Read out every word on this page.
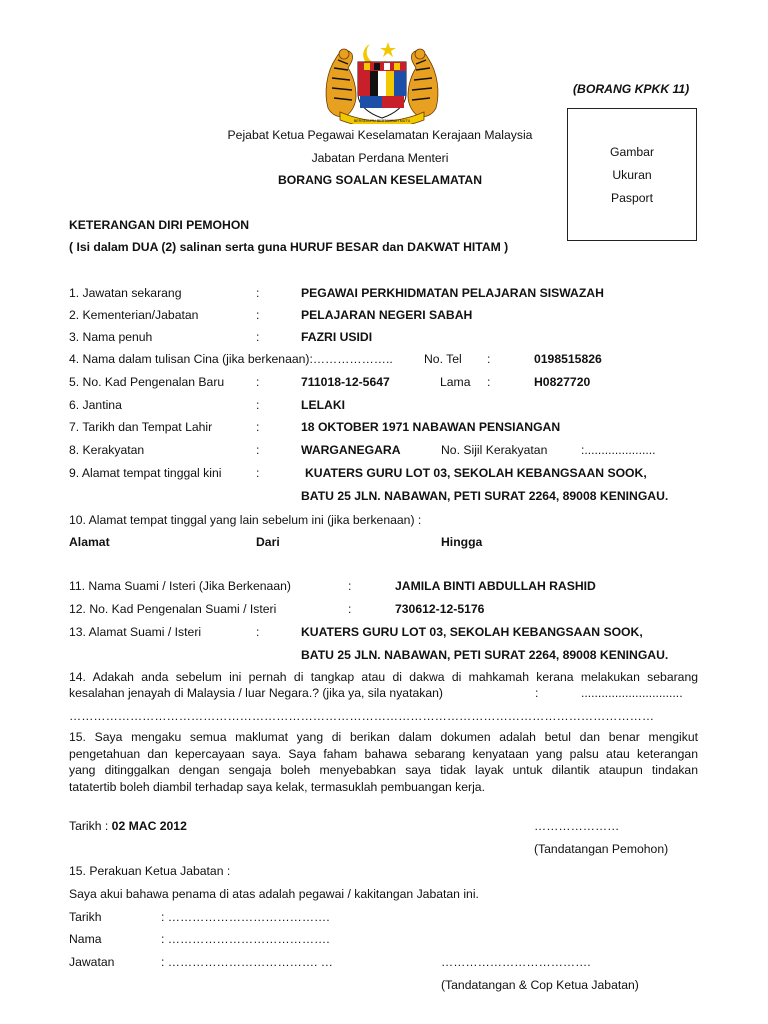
BERSEKUTU BERTAMBAH MUTU
(BORANG KPKK 11)
Pejabat Ketua Pegawai Keselamatan Kerajaan Malaysia
Jabatan Perdana Menteri
BORANG SOALAN KESELAMATAN
Gambar
Ukuran
Pasport
KETERANGAN DIRI PEMOHON
( Isi dalam DUA (2) salinan serta guna HURUF BESAR dan DAKWAT HITAM )
1. Jawatan sekarang	:	PEGAWAI PERKHIDMATAN PELAJARAN SISWAZAH
2. Kementerian/Jabatan	:	PELAJARAN NEGERI SABAH
3. Nama penuh	:	FAZRI USIDI
4. Nama dalam tulisan Cina (jika berkenaan):………………..	No. Tel :	0198515826
5. No. Kad Pengenalan Baru	:	711018-12-5647	Lama :	H0827720
6. Jantina	:	LELAKI
7. Tarikh dan Tempat Lahir	:	18 OKTOBER 1971 NABAWAN PENSIANGAN
8. Kerakyatan	:	WARGANEGARA	No. Sijil Kerakyatan	:.....................
9. Alamat tempat tinggal kini	:	KUATERS GURU LOT 03, SEKOLAH KEBANGSAAN SOOK,
BATU 25 JLN. NABAWAN, PETI SURAT 2264, 89008 KENINGAU.
10. Alamat tempat tinggal yang lain sebelum ini (jika berkenaan) :
Alamat	Dari	Hingga
11. Nama Suami / Isteri (Jika Berkenaan)	:	JAMILA BINTI ABDULLAH RASHID
12. No. Kad Pengenalan Suami / Isteri	:	730612-12-5176
13. Alamat Suami / Isteri	:	KUATERS GURU LOT 03, SEKOLAH KEBANGSAAN SOOK,
BATU 25 JLN. NABAWAN, PETI SURAT 2264, 89008 KENINGAU.
14. Adakah anda sebelum ini pernah di tangkap atau di dakwa di mahkamah kerana melakukan sebarang
kesalahan jenayah di Malaysia / luar Negara.? (jika ya, sila nyatakan)	:	..............................
………………………………………………………………………………………………………………………………
15. Saya mengaku semua maklumat yang di berikan dalam dokumen adalah betul dan benar mengikut
pengetahuan dan kepercayaan saya. Saya faham bahawa sebarang kenyataan yang palsu atau keterangan
yang ditinggalkan dengan sengaja boleh menyebabkan saya tidak layak untuk dilantik ataupun tindakan
tatatertib boleh diambil terhadap saya kelak, termasuklah pembuangan kerja.
Tarikh : 02 MAC 2012	…………………
(Tandatangan Pemohon)
15. Perakuan Ketua Jabatan :
Saya akui bahawa penama di atas adalah pegawai / kakitangan Jabatan ini.
Tarikh	: ………………………………….
Nama	: ………………………………….
Jawatan	: ………………………………. …	……………………………….
(Tandatangan & Cop Ketua Jabatan)
